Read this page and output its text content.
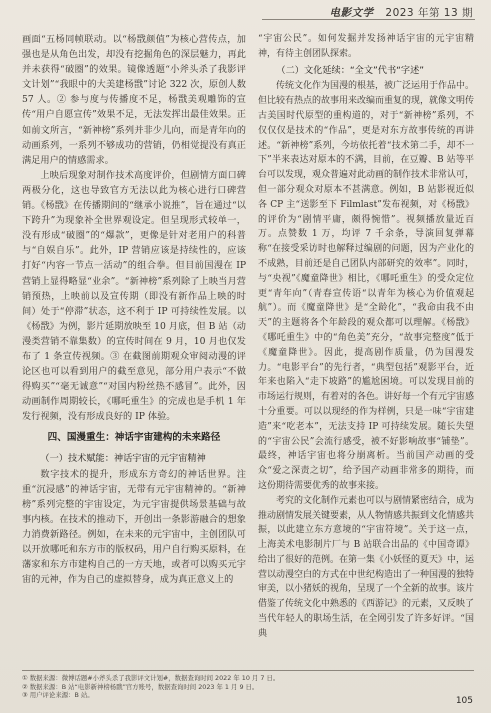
电影文学 2023 年第 13 期

画面“五杨同帧联动。以“杨戬颜值”为核心营传点，加强也是从角色出发，却没有挖掘角色的深层魅力，再此并未获得“破圈”的效果。镜像透题“小斧头杀了我影评文计划”“我眼中的大美建杨戬”讨论 322 次，原创人数 57 人。② 参与度与传播度不足，杨戬美观雕饰的宣传“用户自愿宣传”效果不足，无法发挥出最佳效果。正如前文所言，“新神榜”系列并非少儿向，而是青年向的动画系列，一系列不够成功的营销，仍相觉提没有真正满足用户的情感需求。

上映后现象对制作技术高度评价，但剧情方面口碑两极分化，这也导致官方无法以此为核心进行口碑营销。《杨戬》在传播期间的“继承小说推”，旨在通过“以下跨升”为现象补全世界观设定。但呈现形式较单一，没有形成“破圈”的“爆款”，更像是针对老用户的科普与“自娱自乐”。此外，IP 营销应该是持续性的，应该打好“内容一节点一活动”的组合拳。但目前国漫在 IP 营销上显得略显“业余”。“新神榜”系列除了上映当月营销预热，上映前以及宣传期（即没有新作品上映的时间）处于“停滞”状态，这不利于 IP 可持续性发展。以《杨戬》为例，影片延期放映至 10 月底，但 B 站（动漫类营销不靠集数）的宣传时间在 9 月，10 月也仅发布了 1 条宣传视频。③ 在截图前期观众审阅动漫的评论区也可以看到用户的截至意见，部分用户表示“不做得购买”“毫无诚意”“对国内粉丝热不感冒”。此外，因动画制作周期较长，《哪吒重生》的完成也是手机 1 年发行视频，没有形成良好的 IP 体验。

四、国漫重生：神话宇宙建构的未来路径
（一）技术赋能：神话宇宙的元宇宙精神

数字技术的提升，形成东方奇幻的神话世界。注重“沉浸感”的神话宇宙，无带有元宇宙精神的。“新神榜”系列完整的宇宙设定，为元宇宙提供场景基础与故事内核。在技术的推动下，开创出一条影游融合的想象力消费新路径。例如，在未来的元宇宙中，主创团队可以开放哪吒和东方市的版权码，用户自行购买原料，在藩家和东方市建构自己的一方天地，或者可以购买元宇宙的元神，作为自己的虚拟替身，成为真正意义上的

“宇宙公民”。如何发掘并发扬神话宇宙的元宇宙精神，有待主创团队探索。

（二）文化延续：“全文”代书“字述”

传统文化作为国漫的根基，被广泛运用于作品中。但比较有热点的故事用来改编而重复的现，就像文明传古美国时代原型的重构道的，对于“新神榜”系列，不仅仅仅是技术的“作品”，更是对东方故事传统的再讲述。“新神榜”系列，今坊依托着“技术第二手，却不一下”半来表达对原本的不满，目前，在豆瓣、B 站等平台可以发现，观众普遍对此动画的制作技术非常认可，但一部分观众对原本不甚满意。例如，B 站影视近似各 CP 主“送影至下 Filmlast”发布视频，对《杨戬》的评价为“剧情平庸，颇得惋惜”。视频播放量近百万。点赞数 1 万，均评 7 千余条，导演回复弹幕称“在接受采访时也解释过编剧的问题，因为产业化的不成熟，目前还是自己团队内部研究的效率”。同时，与“央视”《魔童降世》相比，《哪吒重生》的受众定位更“青年向”（青春宣传语“以青年为核心为价值观起航”）。而《魔童降世》是“全龄化”，“我命由我不由天”的主题将各个年龄段的观众都可以理解。《杨戬》《哪吒重生》中的“角色美”充分，“故事完整度”低于《魔童降世》。因此，提高剧作质量，仍为国漫发力。“电影平台”的先行者，“典型包括”观影平台，近年来也陷入“走下坡路”的尴尬困境。可以发现目前的市场运行规则，有着对的各色。讲好每一个有元宇宙感十分重要。可以以现经的作为样例，只是一味“宇宙建造”来“吃老本”，无法支持 IP 可持续发展。随长失望的“宇宙公民”会流行感受，被不好影响故事“铺垫”。最终，神话宇宙也将分崩离析。当前国产动画的受众“爱之深责之切”，给予国产动画非常多的期待，而这份期待需要优秀的故事来接。

考究的文化制作元素也可以与剧情紧密结合，成为推动剧情发展关键要素，从人物情感共振到文化情感共振，以此建立东方意境的“宇宙符境”。关于这一点，上海美术电影制片厂与 B 站联合出品的《中国奇谭》给出了很好的范例。在第一集《小妖怪的夏天》中，运营以动漫空白的方式在中世纪构造出了一种国漫的独特审美，以小猪妖的视角，呈现了一个全新的故事。该片借鉴了传统文化中熟悉的《西游记》的元素，又反映了当代年轻人的职场生活，在全网引发了许多好评。“国典

① 数据来源：微博话题#小斧头杀了我影评文计划#，数据查询时间 2022 年 10 月 7 日。
② 数据来源：B 站“电影新神榜杨戬”官方账号，数据查询时间 2023 年 1 月 9 日。
③ 用户评论来源：B 站。
105
